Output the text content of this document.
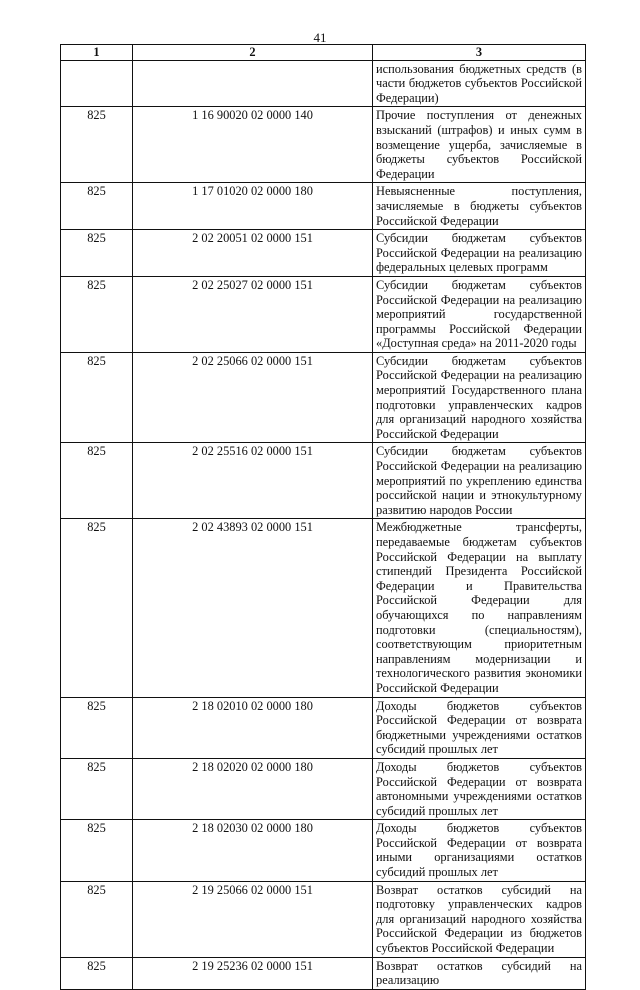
41
1	2	3
		использования бюджетных средств (в части бюджетов субъектов Российской Федерации)
825	1 16 90020 02 0000 140	Прочие поступления от денежных взысканий (штрафов) и иных сумм в возмещение ущерба, зачисляемые в бюджеты субъектов Российской Федерации
825	1 17 01020 02 0000 180	Невыясненные поступления, зачисляемые в бюджеты субъектов Российской Федерации
825	2 02 20051 02 0000 151	Субсидии бюджетам субъектов Российской Федерации на реализацию федеральных целевых программ
825	2 02 25027 02 0000 151	Субсидии бюджетам субъектов Российской Федерации на реализацию мероприятий государственной программы Российской Федерации «Доступная среда» на 2011-2020 годы
825	2 02 25066 02 0000 151	Субсидии бюджетам субъектов Российской Федерации на реализацию мероприятий Государственного плана подготовки управленческих кадров для организаций народного хозяйства Российской Федерации
825	2 02 25516 02 0000 151	Субсидии бюджетам субъектов Российской Федерации на реализацию мероприятий по укреплению единства российской нации и этнокультурному развитию народов России
825	2 02 43893 02 0000 151	Межбюджетные трансферты, передаваемые бюджетам субъектов Российской Федерации на выплату стипендий Президента Российской Федерации и Правительства Российской Федерации для обучающихся по направлениям подготовки (специальностям), соответствующим приоритетным направлениям модернизации и технологического развития экономики Российской Федерации
825	2 18 02010 02 0000 180	Доходы бюджетов субъектов Российской Федерации от возврата бюджетными учреждениями остатков субсидий прошлых лет
825	2 18 02020 02 0000 180	Доходы бюджетов субъектов Российской Федерации от возврата автономными учреждениями остатков субсидий прошлых лет
825	2 18 02030 02 0000 180	Доходы бюджетов субъектов Российской Федерации от возврата иными организациями остатков субсидий прошлых лет
825	2 19 25066 02 0000 151	Возврат остатков субсидий на подготовку управленческих кадров для организаций народного хозяйства Российской Федерации из бюджетов субъектов Российской Федерации
825	2 19 25236 02 0000 151	Возврат остатков субсидий на реализацию
